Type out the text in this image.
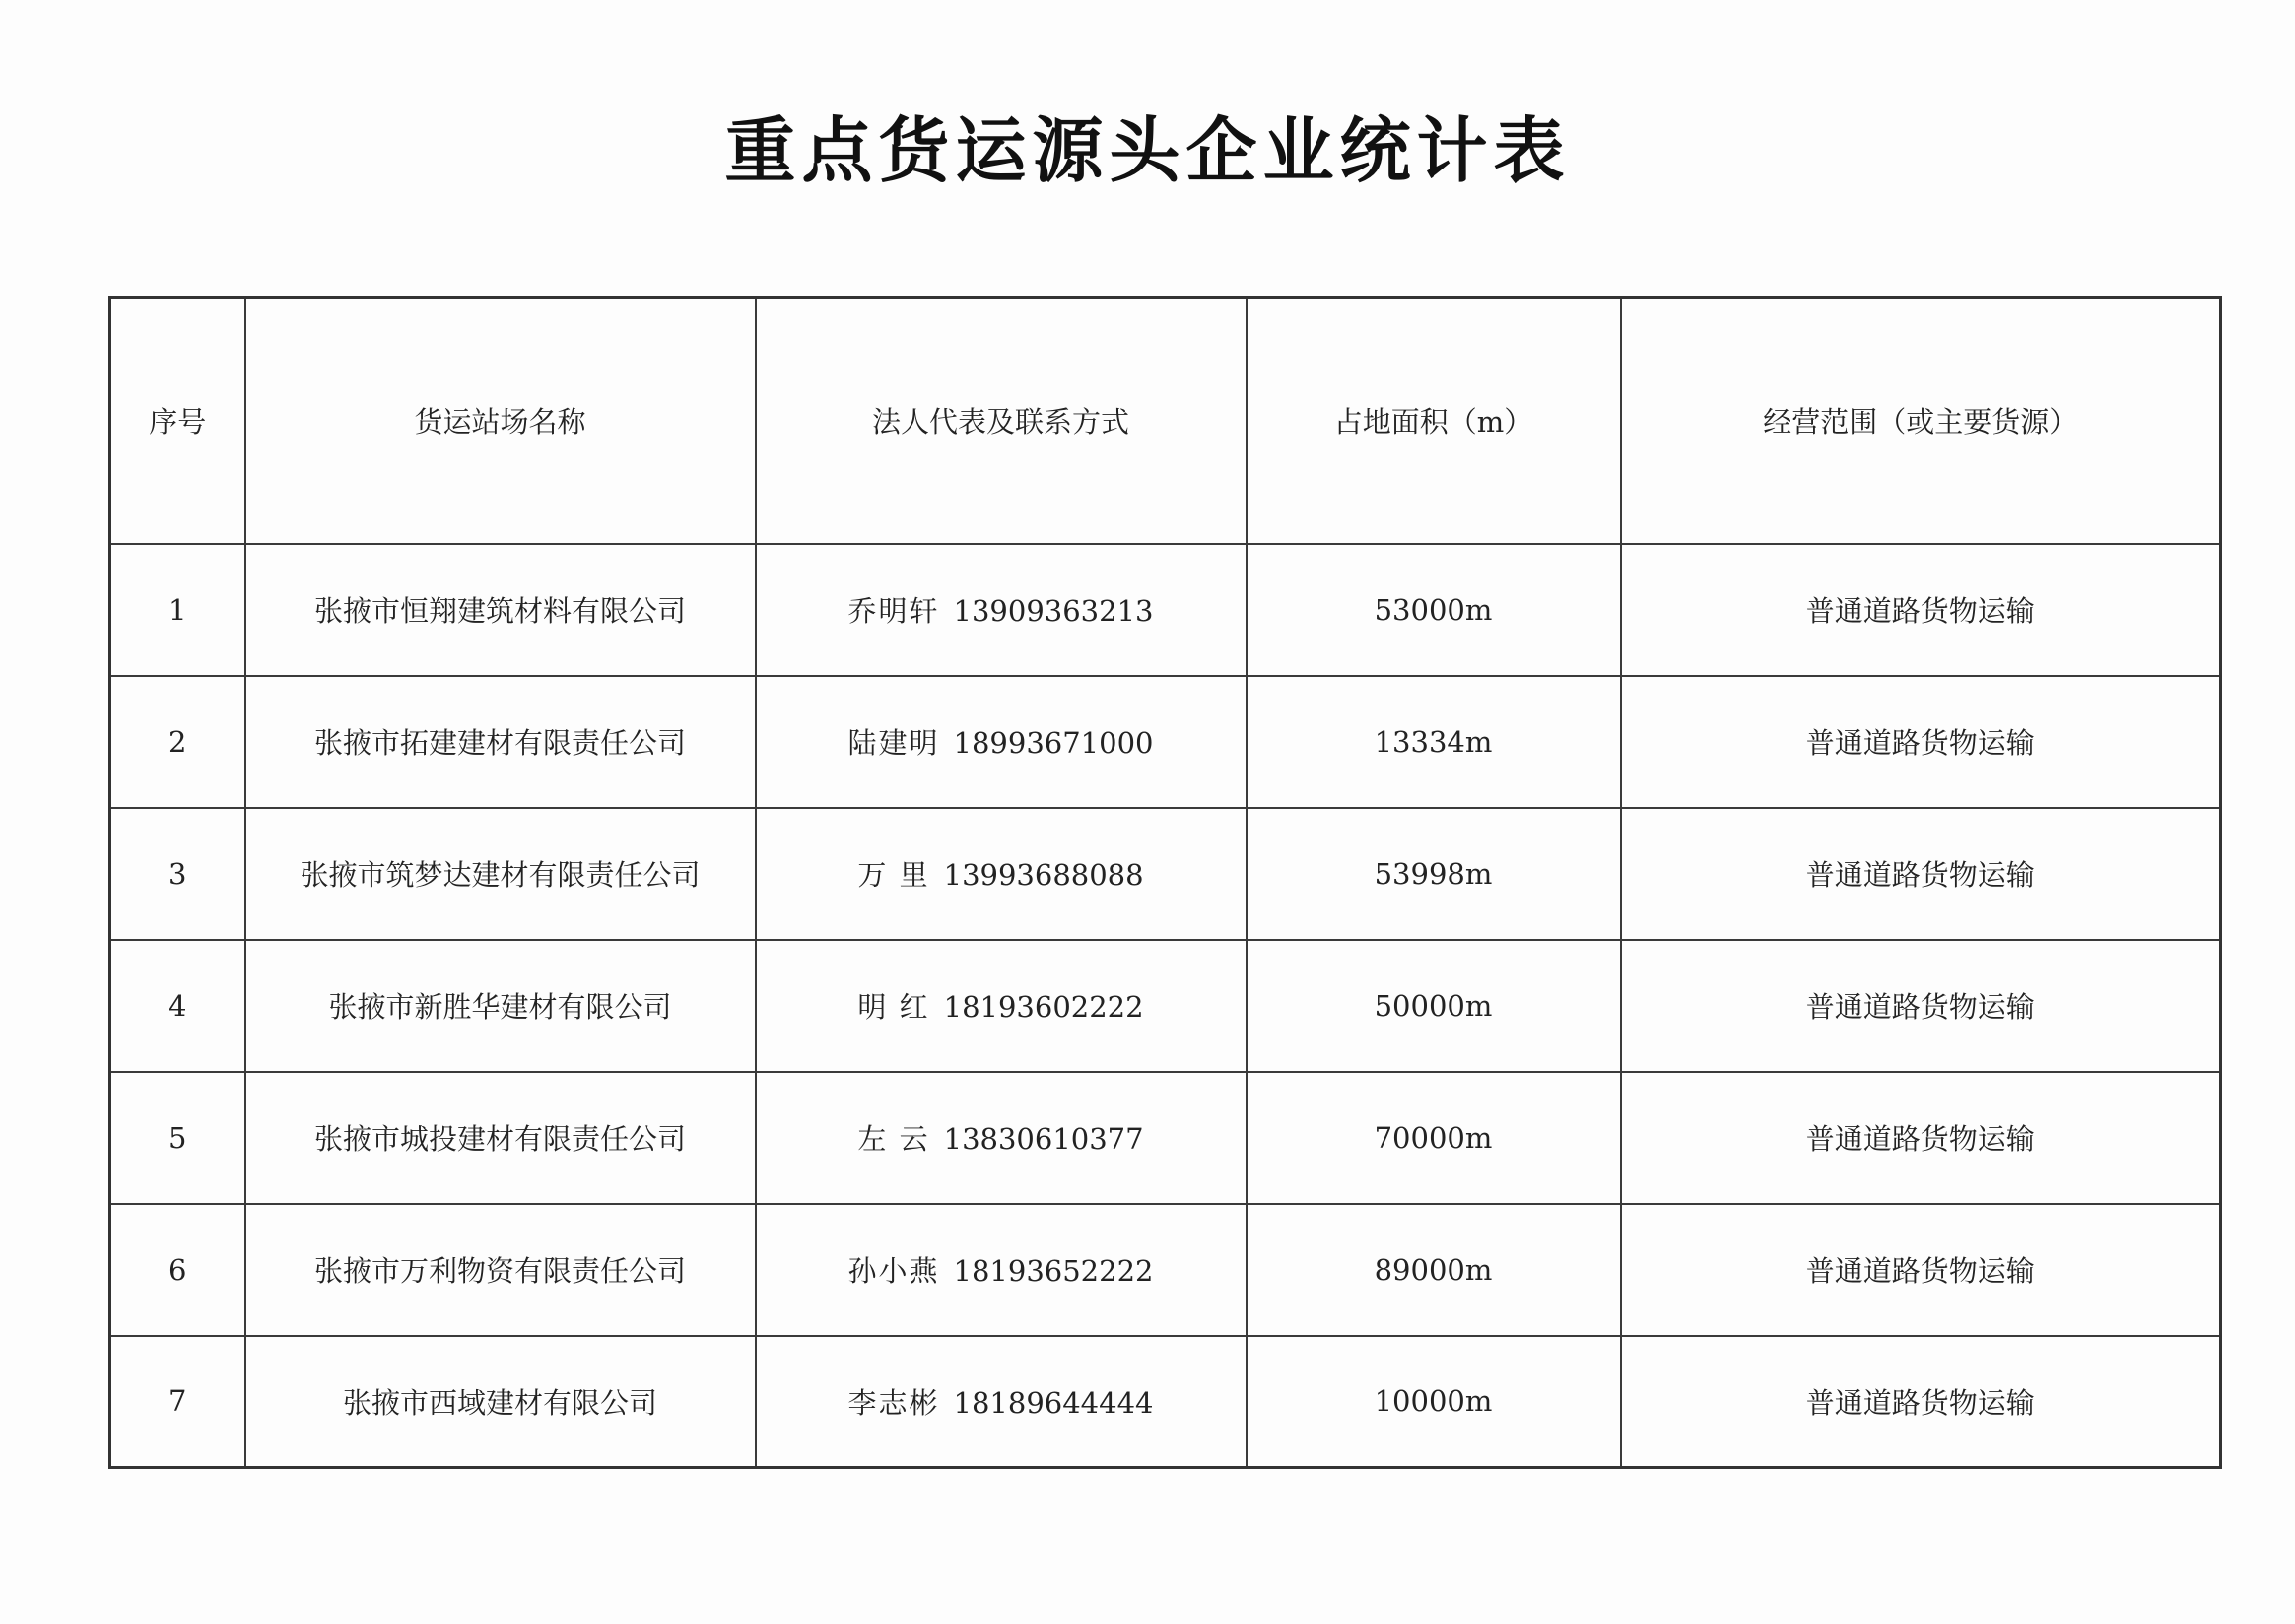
重点货运源头企业统计表
序号	货运站场名称	法人代表及联系方式	占地面积（m）	经营范围（或主要货源）
1	张掖市恒翔建筑材料有限公司	乔明轩 13909363213	53000m	普通道路货物运输
2	张掖市拓建建材有限责任公司	陆建明 18993671000	13334m	普通道路货物运输
3	张掖市筑梦达建材有限责任公司	万 里 13993688088	53998m	普通道路货物运输
4	张掖市新胜华建材有限公司	明 红 18193602222	50000m	普通道路货物运输
5	张掖市城投建材有限责任公司	左 云 13830610377	70000m	普通道路货物运输
6	张掖市万利物资有限责任公司	孙小燕 18193652222	89000m	普通道路货物运输
7	张掖市西域建材有限公司	李志彬 18189644444	10000m	普通道路货物运输
